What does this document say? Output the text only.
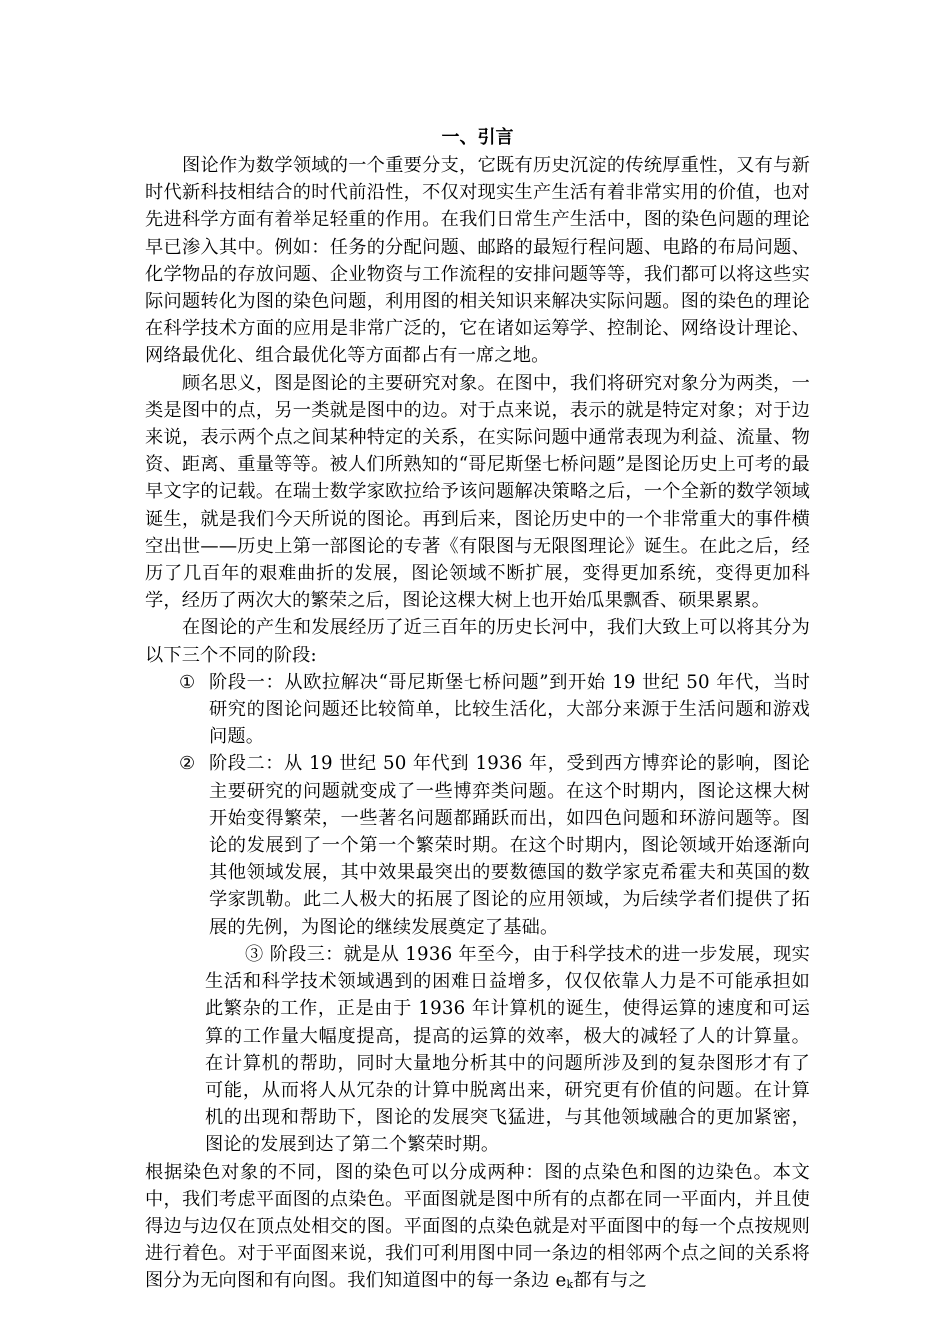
一、引言

图论作为数学领域的一个重要分支，它既有历史沉淀的传统厚重性，又有与新时代新科技相结合的时代前沿性，不仅对现实生产生活有着非常实用的价值，也对先进科学方面有着举足轻重的作用。在我们日常生产生活中，图的染色问题的理论早已渗入其中。例如：任务的分配问题、邮路的最短行程问题、电路的布局问题、化学物品的存放问题、企业物资与工作流程的安排问题等等，我们都可以将这些实际问题转化为图的染色问题，利用图的相关知识来解决实际问题。图的染色的理论在科学技术方面的应用是非常广泛的，它在诸如运筹学、控制论、网络设计理论、网络最优化、组合最优化等方面都占有一席之地。

顾名思义，图是图论的主要研究对象。在图中，我们将研究对象分为两类，一类是图中的点，另一类就是图中的边。对于点来说，表示的就是特定对象；对于边来说，表示两个点之间某种特定的关系，在实际问题中通常表现为利益、流量、物资、距离、重量等等。被人们所熟知的“哥尼斯堡七桥问题”是图论历史上可考的最早文字的记载。在瑞士数学家欧拉给予该问题解决策略之后，一个全新的数学领域诞生，就是我们今天所说的图论。再到后来，图论历史中的一个非常重大的事件横空出世——历史上第一部图论的专著《有限图与无限图理论》诞生。在此之后，经历了几百年的艰难曲折的发展，图论领域不断扩展，变得更加系统，变得更加科学，经历了两次大的繁荣之后，图论这棵大树上也开始瓜果飘香、硕果累累。

在图论的产生和发展经历了近三百年的历史长河中，我们大致上可以将其分为以下三个不同的阶段:

① 阶段一：从欧拉解决“哥尼斯堡七桥问题”到开始 19 世纪 50 年代，当时研究的图论问题还比较简单，比较生活化，大部分来源于生活问题和游戏问题。
② 阶段二：从 19 世纪 50 年代到 1936 年，受到西方博弈论的影响，图论主要研究的问题就变成了一些博弈类问题。在这个时期内，图论这棵大树开始变得繁荣，一些著名问题都踊跃而出，如四色问题和环游问题等。图论的发展到了一个第一个繁荣时期。在这个时期内，图论领域开始逐渐向其他领域发展，其中效果最突出的要数德国的数学家克希霍夫和英国的数学家凯勒。此二人极大的拓展了图论的应用领域，为后续学者们提供了拓展的先例，为图论的继续发展奠定了基础。

③ 阶段三：就是从 1936 年至今，由于科学技术的进一步发展，现实生活和科学技术领域遇到的困难日益增多，仅仅依靠人力是不可能承担如此繁杂的工作，正是由于 1936 年计算机的诞生，使得运算的速度和可运算的工作量大幅度提高，提高的运算的效率，极大的减轻了人的计算量。在计算机的帮助，同时大量地分析其中的问题所涉及到的复杂图形才有了可能，从而将人从冗杂的计算中脱离出来，研究更有价值的问题。在计算机的出现和帮助下，图论的发展突飞猛进，与其他领域融合的更加紧密，图论的发展到达了第二个繁荣时期。

根据染色对象的不同，图的染色可以分成两种：图的点染色和图的边染色。本文中，我们考虑平面图的点染色。平面图就是图中所有的点都在同一平面内，并且使得边与边仅在顶点处相交的图。平面图的点染色就是对平面图中的每一个点按规则进行着色。对于平面图来说，我们可利用图中同一条边的相邻两个点之间的关系将图分为无向图和有向图。我们知道图中的每一条边 $e_k$都有与之
